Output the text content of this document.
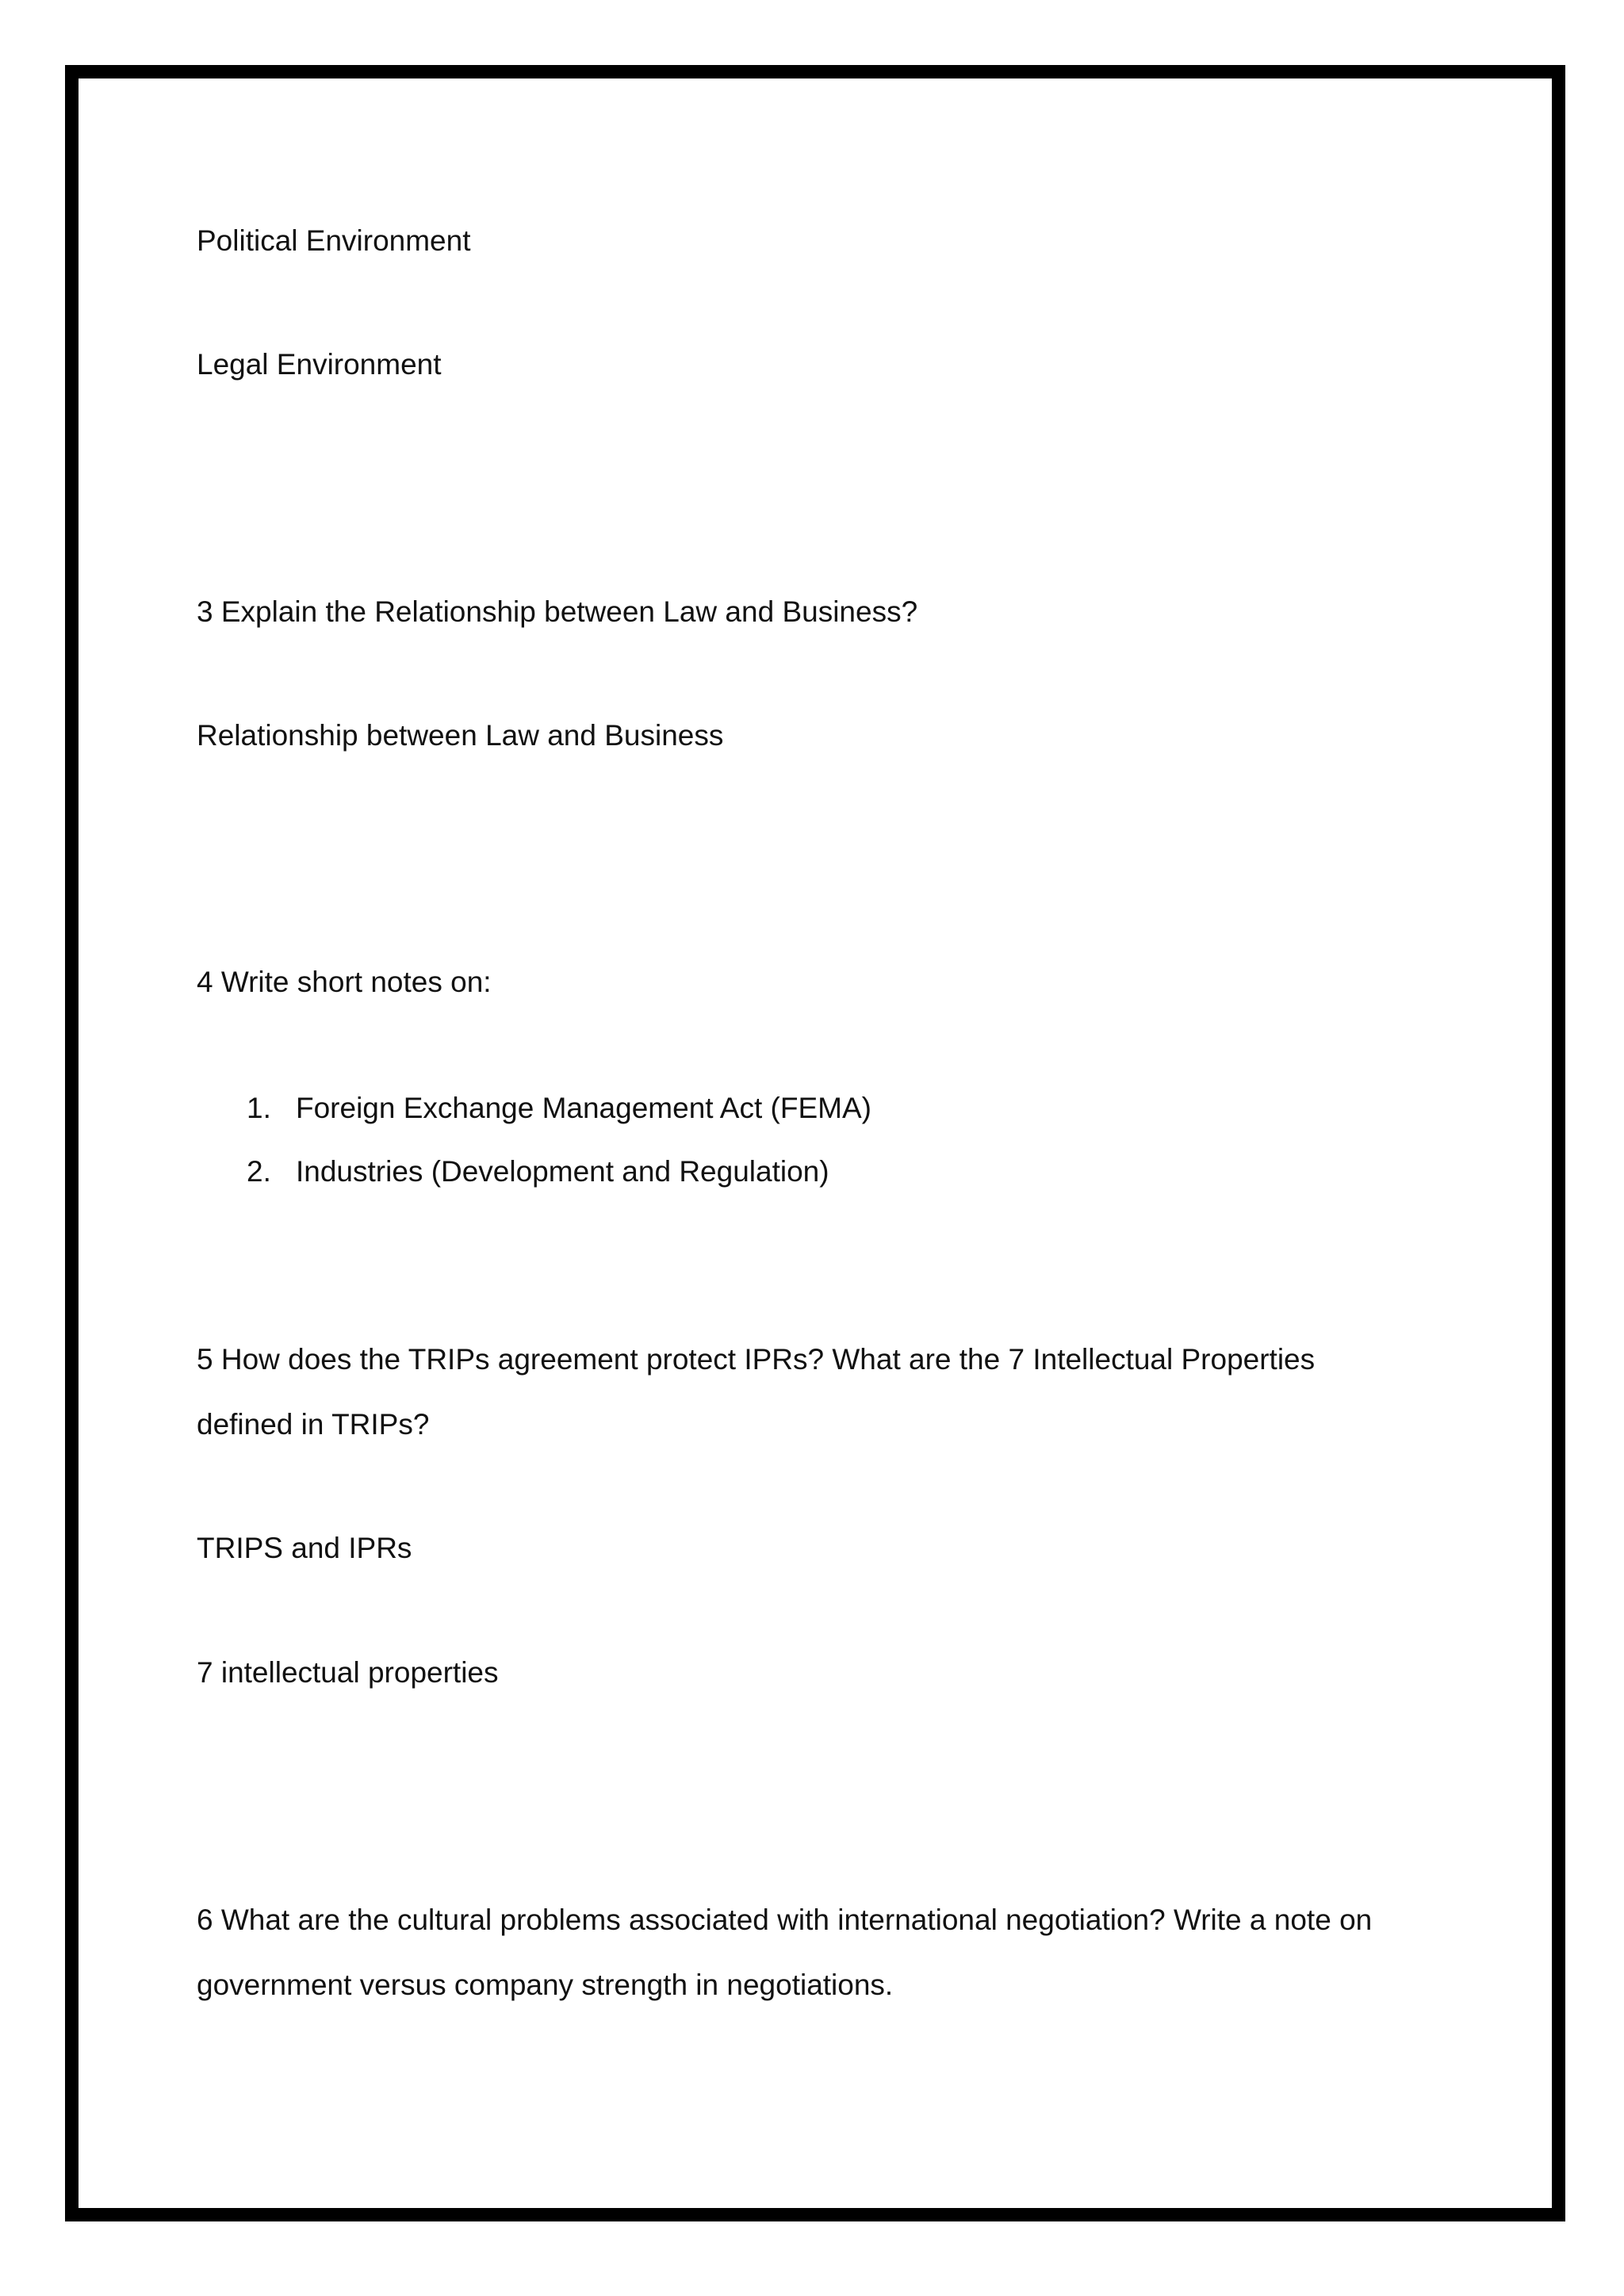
Political Environment

Legal Environment

3 Explain the Relationship between Law and Business?

Relationship between Law and Business

4 Write short notes on:

1. Foreign Exchange Management Act (FEMA)
2. Industries (Development and Regulation)

5 How does the TRIPs agreement protect IPRs? What are the 7 Intellectual Properties

defined in TRIPs?

TRIPS and IPRs

7 intellectual properties

6 What are the cultural problems associated with international negotiation? Write a note on

government versus company strength in negotiations.
